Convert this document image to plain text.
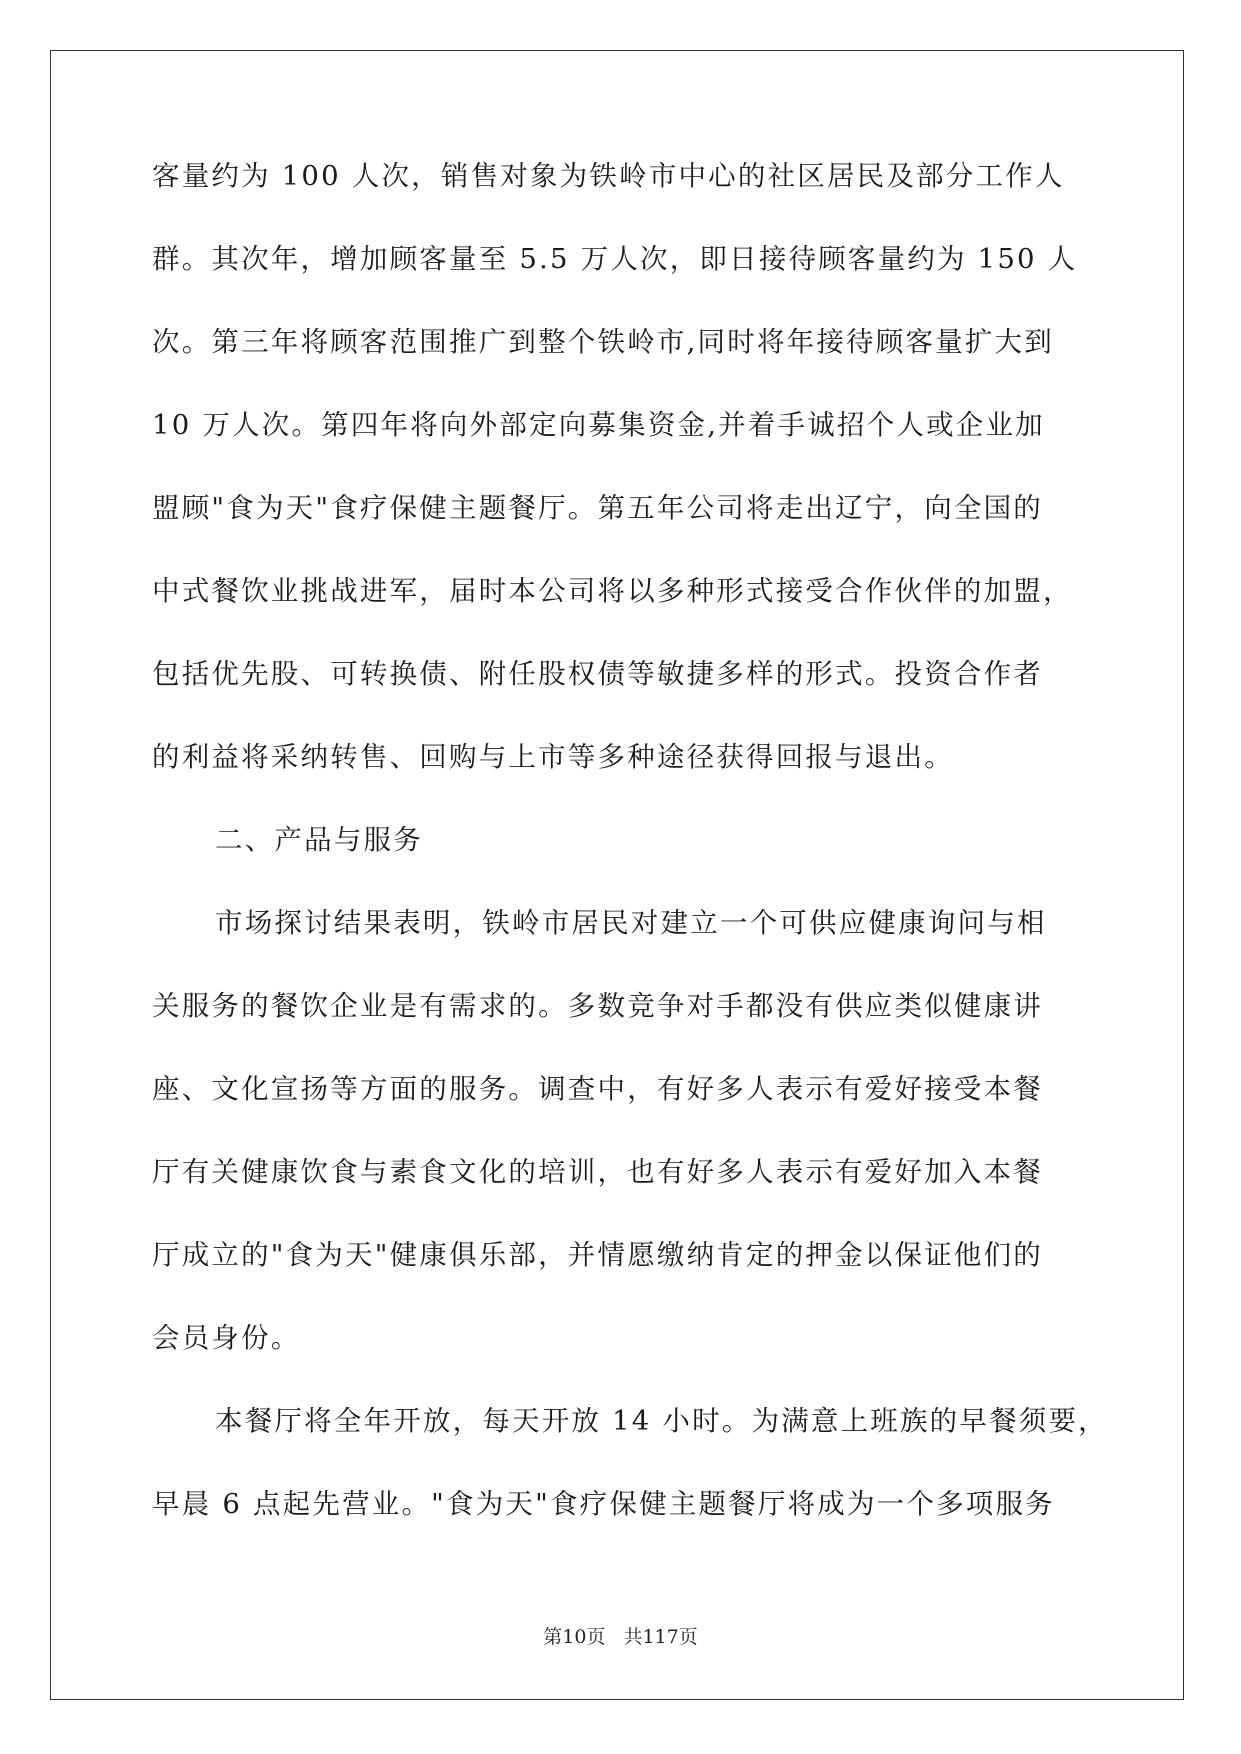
客量约为 100 人次，销售对象为铁岭市中心的社区居民及部分工作人
群。其次年，增加顾客量至 5.5 万人次，即日接待顾客量约为 150 人
次。第三年将顾客范围推广到整个铁岭市,同时将年接待顾客量扩大到
10 万人次。第四年将向外部定向募集资金,并着手诚招个人或企业加
盟顾"食为天"食疗保健主题餐厅。第五年公司将走出辽宁，向全国的
中式餐饮业挑战进军，届时本公司将以多种形式接受合作伙伴的加盟，
包括优先股、可转换债、附任股权债等敏捷多样的形式。投资合作者
的利益将采纳转售、回购与上市等多种途径获得回报与退出。
二、产品与服务
市场探讨结果表明，铁岭市居民对建立一个可供应健康询问与相
关服务的餐饮企业是有需求的。多数竞争对手都没有供应类似健康讲
座、文化宣扬等方面的服务。调查中，有好多人表示有爱好接受本餐
厅有关健康饮食与素食文化的培训，也有好多人表示有爱好加入本餐
厅成立的"食为天"健康俱乐部，并情愿缴纳肯定的押金以保证他们的
会员身份。
本餐厅将全年开放，每天开放 14 小时。为满意上班族的早餐须要，
早晨 6 点起先营业。"食为天"食疗保健主题餐厅将成为一个多项服务
第10页 共117页
